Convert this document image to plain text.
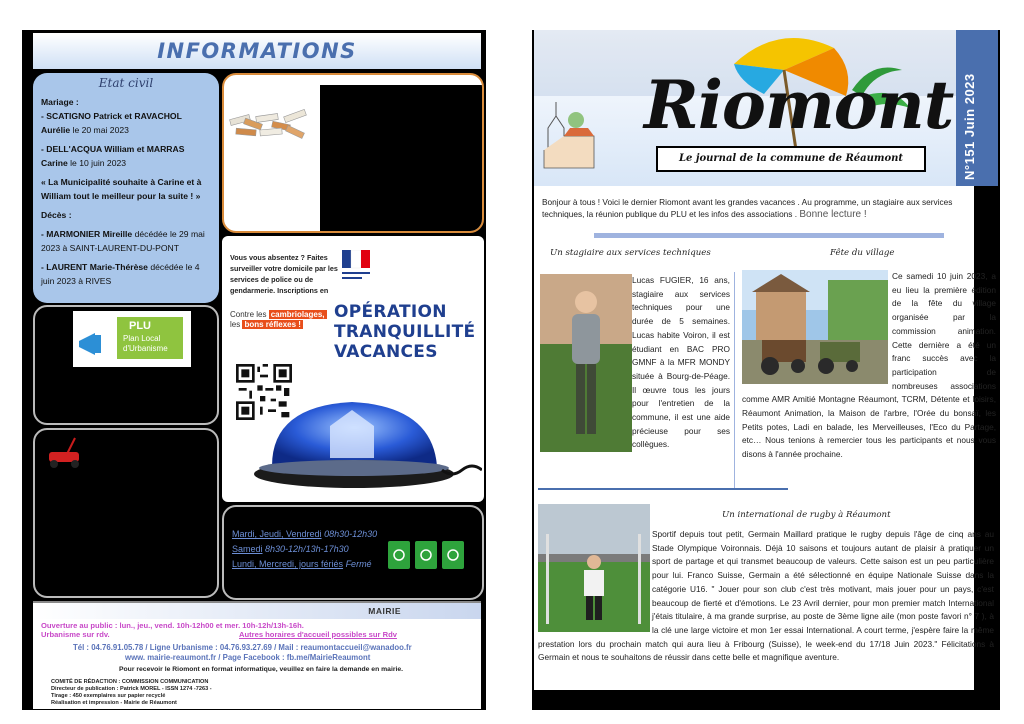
INFORMATIONS
Etat civil

Mariage :

- SCATIGNO Patrick et RAVACHOL Aurélie le 20 mai 2023

- DELL'ACQUA William et MARRAS Carine le 10 juin 2023

« La Municipalité souhaite à Carine et à William tout le meilleur pour la suite ! »

Décès :

- MARMONIER Mireille décédée le 29 mai 2023 à SAINT-LAURENT-DU-PONT

- LAURENT Marie-Thérèse décédée le 4 juin 2023 à RIVES

PLU
Plan Local
d'Urbanisme
Vous vous absentez ? Faites surveiller votre domicile par les services de police ou de gendarmerie. Inscriptions en
Contre les cambriolages,
les bons réflexes !
OPÉRATION
TRANQUILLITÉ
VACANCES
Mardi, Jeudi, Vendredi 08h30-12h30
Samedi 8h30-12h/13h-17h30
Lundi, Mercredi, jours fériés Fermé
MAIRIE
Ouverture au public : lun., jeu., vend. 10h-12h00 et mer. 10h-12h/13h-16h.
Urbanisme sur rdv.	Autres horaires d'accueil possibles sur Rdv
Tél : 04.76.91.05.78 / Ligne Urbanisme : 04.76.93.27.69 / Mail : reaumontaccueil@wanadoo.fr
www. mairie-reaumont.fr / Page Facebook : fb.me/MairieReaumont
Pour recevoir le Riomont en format informatique, veuillez en faire la demande en mairie.
COMITÉ DE RÉDACTION : COMMISSION COMMUNICATION
Directeur de publication : Patrick MOREL - ISSN 1274 -7263 -
Tirage : 450 exemplaires sur papier recyclé
Réalisation et impression - Mairie de Réaumont
Riomont
Le journal de la commune de Réaumont
Bonjour à tous ! Voici le dernier Riomont avant les grandes vacances . Au programme, un stagiaire aux services techniques, la réunion publique du PLU et les infos des associations . Bonne lecture !
Un stagiaire aux services techniques
Lucas FUGIER, 16 ans, stagiaire aux services techniques pour une durée de 5 semaines. Lucas habite Voiron, il est étudiant en BAC PRO GMNF à la MFR MONDY située à Bourg-de-Péage. Il œuvre tous les jours pour l'entretien de la commune, il est une aide précieuse pour ses collègues.
Fête du village
Ce samedi 10 juin 2023, a eu lieu la première édition de la fête du village organisée par la commission animation. Cette dernière a été un franc succès avec la participation de nombreuses associations comme AMR Amitié Montagne Réaumont, TCRM, Détente et loisirs, Réaumont Animation, la Maison de l'arbre, l'Orée du bonsaï, les Petits potes, Ladi en balade, les Merveilleuses, l'Eco du Partage, etc… Nous tenions à remercier tous les participants et nous vous disons à l'année prochaine.
Un international de rugby à Réaumont
Sportif depuis tout petit, Germain Maillard pratique le rugby depuis l'âge de cinq ans au Stade Olympique Voironnais. Déjà 10 saisons et toujours autant de plaisir à pratiquer un sport de partage et qui transmet beaucoup de valeurs. Cette saison est un peu particulière pour lui. Franco Suisse, Germain a été sélectionné en équipe Nationale Suisse dans la catégorie U16. " Jouer pour son club c'est très motivant, mais jouer pour un pays, c'est beaucoup de fierté et d'émotions. Le 23 Avril dernier, pour mon premier match International j'étais titulaire, à ma grande surprise, au poste de 3ème ligne aile (mon poste favori n° 7 ), à la clé une large victoire et mon 1er essai International. A court terme, j'espère faire la même prestation lors du prochain match qui aura lieu à Fribourg (Suisse), le week-end du 17/18 Juin 2023." Félicitations à Germain et nous te souhaitons de réussir dans cette belle et magnifique aventure.
N°151 Juin 2023
